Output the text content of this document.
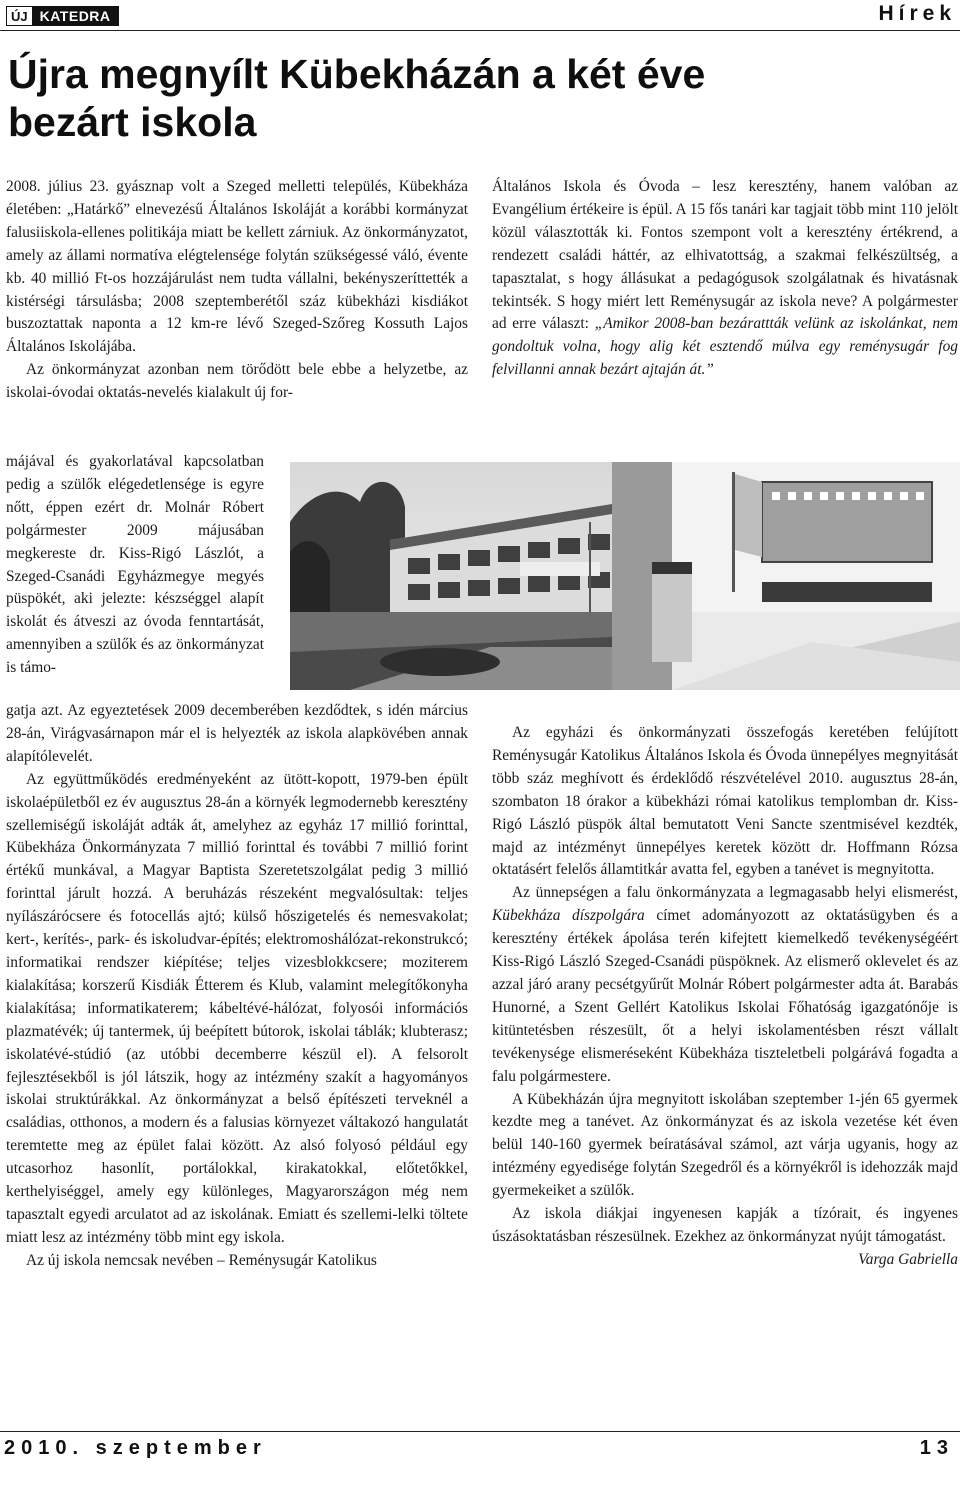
ÚJ KATEDRA	Hírek
Újra megnyílt Kübekházán a két éve bezárt iskola

2008. július 23. gyásznap volt a Szeged melletti település, Kübekháza életében: „Határkő” elnevezésű Általános Iskoláját a korábbi kormányzat falusiiskola-ellenes politikája miatt be kellett zárniuk. Az önkormányzatot, amely az állami normatíva elégtelensége folytán szükségessé váló, évente kb. 40 millió Ft-os hozzájárulást nem tudta vállalni, bekényszeríttették a kistérségi társulásba; 2008 szeptemberétől száz kübekházi kisdiákot buszoztattak naponta a 12 km-re lévő Szeged-Szőreg Kossuth Lajos Általános Iskolájába.

Az önkormányzat azonban nem törődött bele ebbe a helyzetbe, az iskolai-óvodai oktatás-nevelés kialakult új for-

májával és gyakorlatával kapcsolatban pedig a szülők elégedetlensége is egyre nőtt, éppen ezért dr. Molnár Róbert polgármester 2009 májusában megkereste dr. Kiss-Rigó Lászlót, a Szeged-Csanádi Egyházmegye megyés püspökét, aki jelezte: készséggel alapít iskolát és átveszi az óvoda fenntartását, amennyiben a szülők és az önkormányzat is támo-

gatja azt. Az egyeztetések 2009 decemberében kezdődtek, s idén március 28-án, Virágvasárnapon már el is helyezték az iskola alapkövében annak alapítólevelét.

Az együttműködés eredményeként az ütött-kopott, 1979-ben épült iskolaépületből ez év augusztus 28-án a környék legmodernebb keresztény szellemiségű iskoláját adták át, amelyhez az egyház 17 millió forinttal, Kübekháza Önkormányzata 7 millió forinttal és további 7 millió forint értékű munkával, a Magyar Baptista Szeretetszolgálat pedig 3 millió forinttal járult hozzá. A beruházás részeként megvalósultak: teljes nyílászárócsere és fotocellás ajtó; külső hőszigetelés és nemesvakolat; kert-, kerítés-, park- és iskoludvar-építés; elektromoshálózat-rekonstrukcó; informatikai rendszer kiépítése; teljes vizesblokkcsere; moziterem kialakítása; korszerű Kisdiák Étterem és Klub, valamint melegítőkonyha kialakítása; informatikaterem; kábeltévé-hálózat, folyosói információs plazmatévék; új tantermek, új beépített bútorok, iskolai táblák; klubterasz; iskolatévé-stúdió (az utóbbi decemberre készül el). A felsorolt fejlesztésekből is jól látszik, hogy az intézmény szakít a hagyományos iskolai struktúrákkal. Az önkormányzat a belső építészeti terveknél a családias, otthonos, a modern és a falusias környezet váltakozó hangulatát teremtette meg az épület falai között. Az alsó folyosó például egy utcasorhoz hasonlít, portálokkal, kirakatokkal, előtetőkkel, kerthelyiséggel, amely egy különleges, Magyarországon még nem tapasztalt egyedi arculatot ad az iskolának. Emiatt és szellemi-lelki töltete miatt lesz az intézmény több mint egy iskola.

Az új iskola nemcsak nevében – Reménysugár Katolikus

Általános Iskola és Óvoda – lesz keresztény, hanem valóban az Evangélium értékeire is épül. A 15 fős tanári kar tagjait több mint 110 jelölt közül választották ki. Fontos szempont volt a keresztény értékrend, a rendezett családi háttér, az elhivatottság, a szakmai felkészültség, a tapasztalat, s hogy állásukat a pedagógusok szolgálatnak és hivatásnak tekintsék. S hogy miért lett Reménysugár az iskola neve? A polgármester ad erre választ: „Amikor 2008-ban bezárattták velünk az iskolánkat, nem gondoltuk volna, hogy alig két esztendő múlva egy reménysugár fog felvillanni annak bezárt ajtaján át.”

Az egyházi és önkormányzati összefogás keretében felújított Reménysugár Katolikus Általános Iskola és Óvoda ünnepélyes megnyitását több száz meghívott és érdeklődő részvételével 2010. augusztus 28-án, szombaton 18 órakor a kübekházi római katolikus templomban dr. Kiss-Rigó László püspök által bemutatott Veni Sancte szentmisével kezdték, majd az intézményt ünnepélyes keretek között dr. Hoffmann Rózsa oktatásért felelős államtitkár avatta fel, egyben a tanévet is megnyitotta.

Az ünnepségen a falu önkormányzata a legmagasabb helyi elismerést, Kübekháza díszpolgára címet adományozott az oktatásügyben és a keresztény értékek ápolása terén kifejtett kiemelkedő tevékenységéért Kiss-Rigó László Szeged-Csanádi püspöknek. Az elismerő oklevelet és az azzal járó arany pecsétgyűrűt Molnár Róbert polgármester adta át. Barabás Hunorné, a Szent Gellért Katolikus Iskolai Főhatóság igazgatónője is kitüntetésben részesült, őt a helyi iskolamentésben részt vállalt tevékenysége elismeréseként Kübekháza tiszteletbeli polgárává fogadta a falu polgármestere.

A Kübekházán újra megnyitott iskolában szeptember 1-jén 65 gyermek kezdte meg a tanévet. Az önkormányzat és az iskola vezetése két éven belül 140-160 gyermek beíratásával számol, azt várja ugyanis, hogy az intézmény egyedisége folytán Szegedről és a környékről is idehozzák majd gyermekeiket a szülők.

Az iskola diákjai ingyenesen kapják a tízórait, és ingyenes úszásoktatásban részesülnek. Ezekhez az önkormányzat nyújt támogatást.

Varga Gabriella

2010. szeptember	13
